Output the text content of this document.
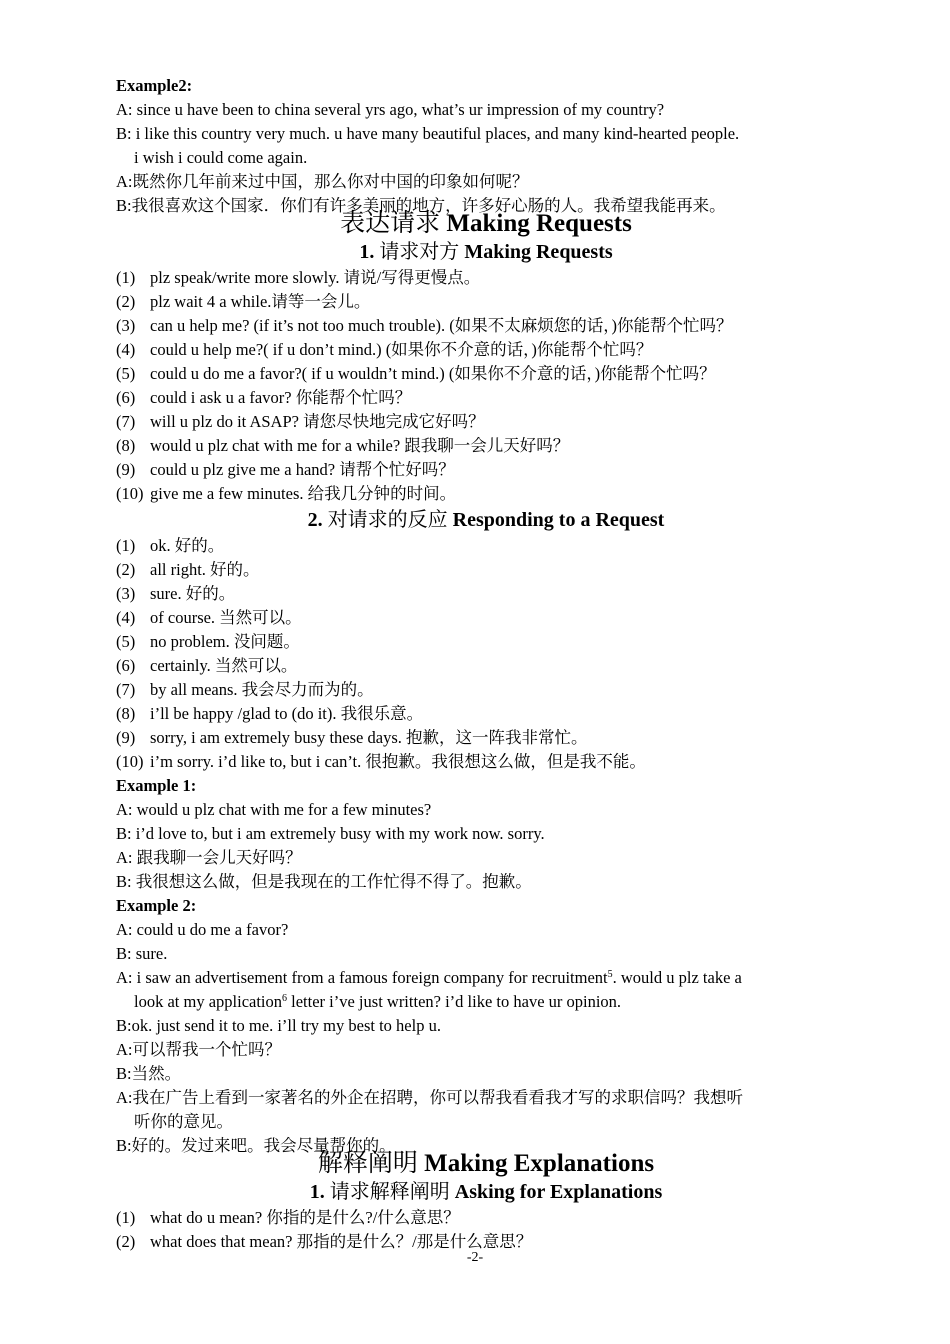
Example2:
A: since u have been to china several yrs ago, what’s ur impression of my country?
B: i like this country very much. u have many beautiful places, and many kind-hearted people.
i wish i could come again.
A:既然你几年前来过中国，那么你对中国的印象如何呢？
B:我很喜欢这个国家．你们有许多美丽的地方，许多好心肠的人。我希望我能再来。
表达请求 Making Requests
1. 请求对方 Making Requests
(1) plz speak/write more slowly. 请说/写得更慢点。
(2) plz wait 4 a while.请等一会儿。
(3) can u help me? (if it’s not too much trouble). (如果不太麻烦您的话，)你能帮个忙吗？
(4) could u help me?( if u don’t mind.) (如果你不介意的话，)你能帮个忙吗？
(5) could u do me a favor?( if u wouldn’t mind.) (如果你不介意的话，)你能帮个忙吗？
(6) could i ask u a favor? 你能帮个忙吗？
(7) will u plz do it ASAP? 请您尽快地完成它好吗？
(8) would u plz chat with me for a while? 跟我聊一会儿天好吗？
(9) could u plz give me a hand? 请帮个忙好吗？
(10) give me a few minutes. 给我几分钟的时间。
2. 对请求的反应 Responding to a Request
(1) ok. 好的。
(2) all right. 好的。
(3) sure. 好的。
(4) of course. 当然可以。
(5) no problem. 没问题。
(6) certainly. 当然可以。
(7) by all means. 我会尽力而为的。
(8) i’ll be happy /glad to (do it). 我很乐意。
(9) sorry, i am extremely busy these days. 抱歉，这一阵我非常忙。
(10) i’m sorry. i’d like to, but i can’t. 很抱歉。我很想这么做，但是我不能。
Example 1:
A: would u plz chat with me for a few minutes?
B: i’d love to, but i am extremely busy with my work now. sorry.
A: 跟我聊一会儿天好吗？
B: 我很想这么做，但是我现在的工作忙得不得了。抱歉。
Example 2:
A: could u do me a favor?
B: sure.
A: i saw an advertisement from a famous foreign company for recruitment$^5$. would u plz take a
look at my application$^6$ letter i’ve just written? i’d like to have ur opinion.
B:ok. just send it to me. i’ll try my best to help u.
A:可以帮我一个忙吗？
B:当然。
A:我在广告上看到一家著名的外企在招聘，你可以帮我看看我才写的求职信吗？我想听
听你的意见。
B:好的。发过来吧。我会尽量帮你的。
解释阐明 Making Explanations
1. 请求解释阐明 Asking for Explanations
(1) what do u mean? 你指的是什么?/什么意思？
(2) what does that mean? 那指的是什么？/那是什么意思？
-2-
